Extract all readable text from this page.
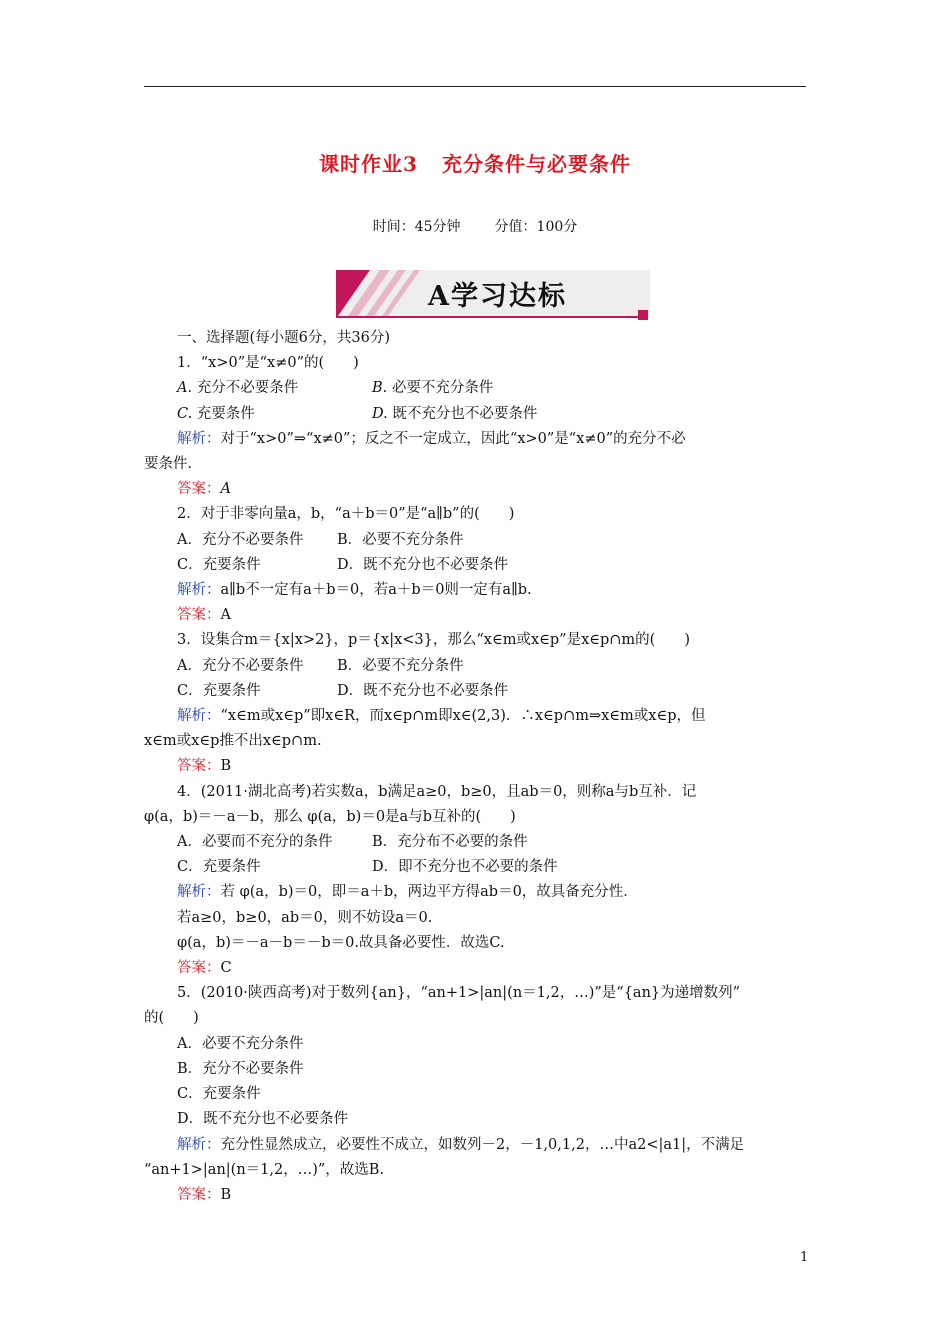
课时作业3 充分条件与必要条件
时间：45分钟 分值：100分
A学习达标

一、选择题(每小题6分，共36分)

1．“x>0”是“x≠0”的(　　)

A. 充分不必要条件	B. 必要不充分条件

C. 充要条件	D. 既不充分也不必要条件

解析：对于“x>0”⇒“x≠0”；反之不一定成立，因此“x>0”是“x≠0”的充分不必

要条件．

答案：A

2．对于非零向量a，b，“a＋b＝0”是“a∥b”的(　　)

A．充分不必要条件 B．必要不充分条件

C．充要条件	D．既不充分也不必要条件

解析：a∥b不一定有a＋b＝0，若a＋b＝0则一定有a∥b.

答案：A

3．设集合m＝{x|x>2}，p＝{x|x<3}，那么“x∈m或x∈p”是x∈p∩m的(　　)

A．充分不必要条件 B．必要不充分条件

C．充要条件	D．既不充分也不必要条件

解析：“x∈m或x∈p”即x∈R，而x∈p∩m即x∈(2,3)．∴x∈p∩m⇒x∈m或x∈p，但

x∈m或x∈p推不出x∈p∩m.

答案：B

4．(2011·湖北高考)若实数a，b满足a≥0，b≥0，且ab＝0，则称a与b互补．记

φ(a，b)＝－a－b，那么 φ(a，b)＝0是a与b互补的(　　)

A．必要而不充分的条件	B．充分布不必要的条件

C．充要条件	D．即不充分也不必要的条件

解析：若 φ(a，b)＝0，即＝a＋b，两边平方得ab＝0，故具备充分性．

若a≥0，b≥0，ab＝0，则不妨设a＝0.

φ(a，b)＝－a－b＝－b＝0.故具备必要性．故选C.

答案：C

5．(2010·陕西高考)对于数列{an}，“an+1>|an|(n＝1,2，…)”是“{an}为递增数列”

的(　　)

A．必要不充分条件

B．充分不必要条件

C．充要条件

D．既不充分也不必要条件

解析：充分性显然成立，必要性不成立，如数列－2，－1,0,1,2，…中a2<|a1|，不满足

“an+1>|an|(n＝1,2，…)”，故选B.

答案：B

1
